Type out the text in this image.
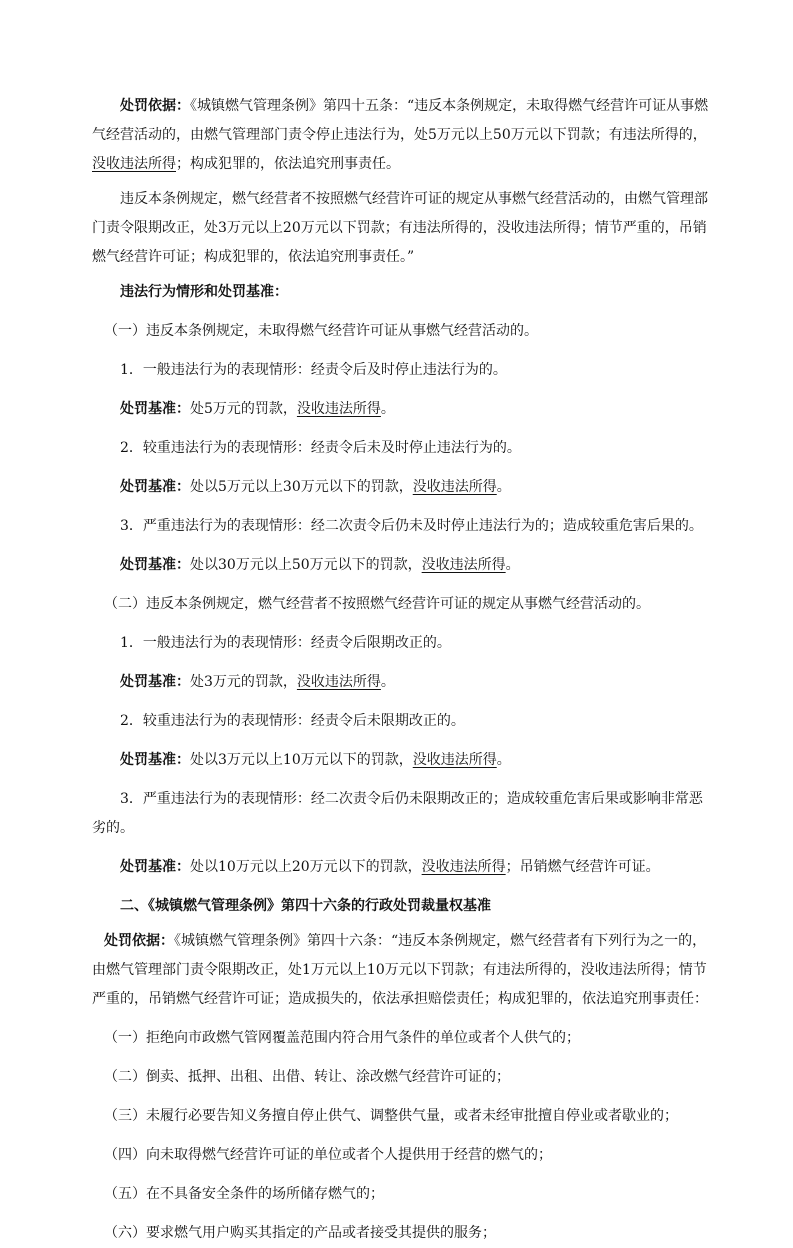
处罚依据：《城镇燃气管理条例》第四十五条：“违反本条例规定，未取得燃气经营许可证从事燃气经营活动的，由燃气管理部门责令停止违法行为，处5万元以上50万元以下罚款；有违法所得的，没收违法所得；构成犯罪的，依法追究刑事责任。

违反本条例规定，燃气经营者不按照燃气经营许可证的规定从事燃气经营活动的，由燃气管理部门责令限期改正，处3万元以上20万元以下罚款；有违法所得的，没收违法所得；情节严重的，吊销燃气经营许可证；构成犯罪的，依法追究刑事责任。”

违法行为情形和处罚基准：

（一）违反本条例规定，未取得燃气经营许可证从事燃气经营活动的。

1．一般违法行为的表现情形：经责令后及时停止违法行为的。

处罚基准：处5万元的罚款，没收违法所得。

2．较重违法行为的表现情形：经责令后未及时停止违法行为的。

处罚基准：处以5万元以上30万元以下的罚款，没收违法所得。

3．严重违法行为的表现情形：经二次责令后仍未及时停止违法行为的；造成较重危害后果的。

处罚基准：处以30万元以上50万元以下的罚款，没收违法所得。

（二）违反本条例规定，燃气经营者不按照燃气经营许可证的规定从事燃气经营活动的。

1．一般违法行为的表现情形：经责令后限期改正的。

处罚基准：处3万元的罚款，没收违法所得。

2．较重违法行为的表现情形：经责令后未限期改正的。

处罚基准：处以3万元以上10万元以下的罚款，没收违法所得。

3．严重违法行为的表现情形：经二次责令后仍未限期改正的；造成较重危害后果或影响非常恶劣的。

处罚基准：处以10万元以上20万元以下的罚款，没收违法所得；吊销燃气经营许可证。

二、《城镇燃气管理条例》第四十六条的行政处罚裁量权基准

处罚依据：《城镇燃气管理条例》第四十六条：“违反本条例规定，燃气经营者有下列行为之一的，由燃气管理部门责令限期改正，处1万元以上10万元以下罚款；有违法所得的，没收违法所得；情节严重的，吊销燃气经营许可证；造成损失的，依法承担赔偿责任；构成犯罪的，依法追究刑事责任：

（一）拒绝向市政燃气管网覆盖范围内符合用气条件的单位或者个人供气的；

（二）倒卖、抵押、出租、出借、转让、涂改燃气经营许可证的；

（三）未履行必要告知义务擅自停止供气、调整供气量，或者未经审批擅自停业或者歇业的；

（四）向未取得燃气经营许可证的单位或者个人提供用于经营的燃气的；

（五）在不具备安全条件的场所储存燃气的；

（六）要求燃气用户购买其指定的产品或者接受其提供的服务；
